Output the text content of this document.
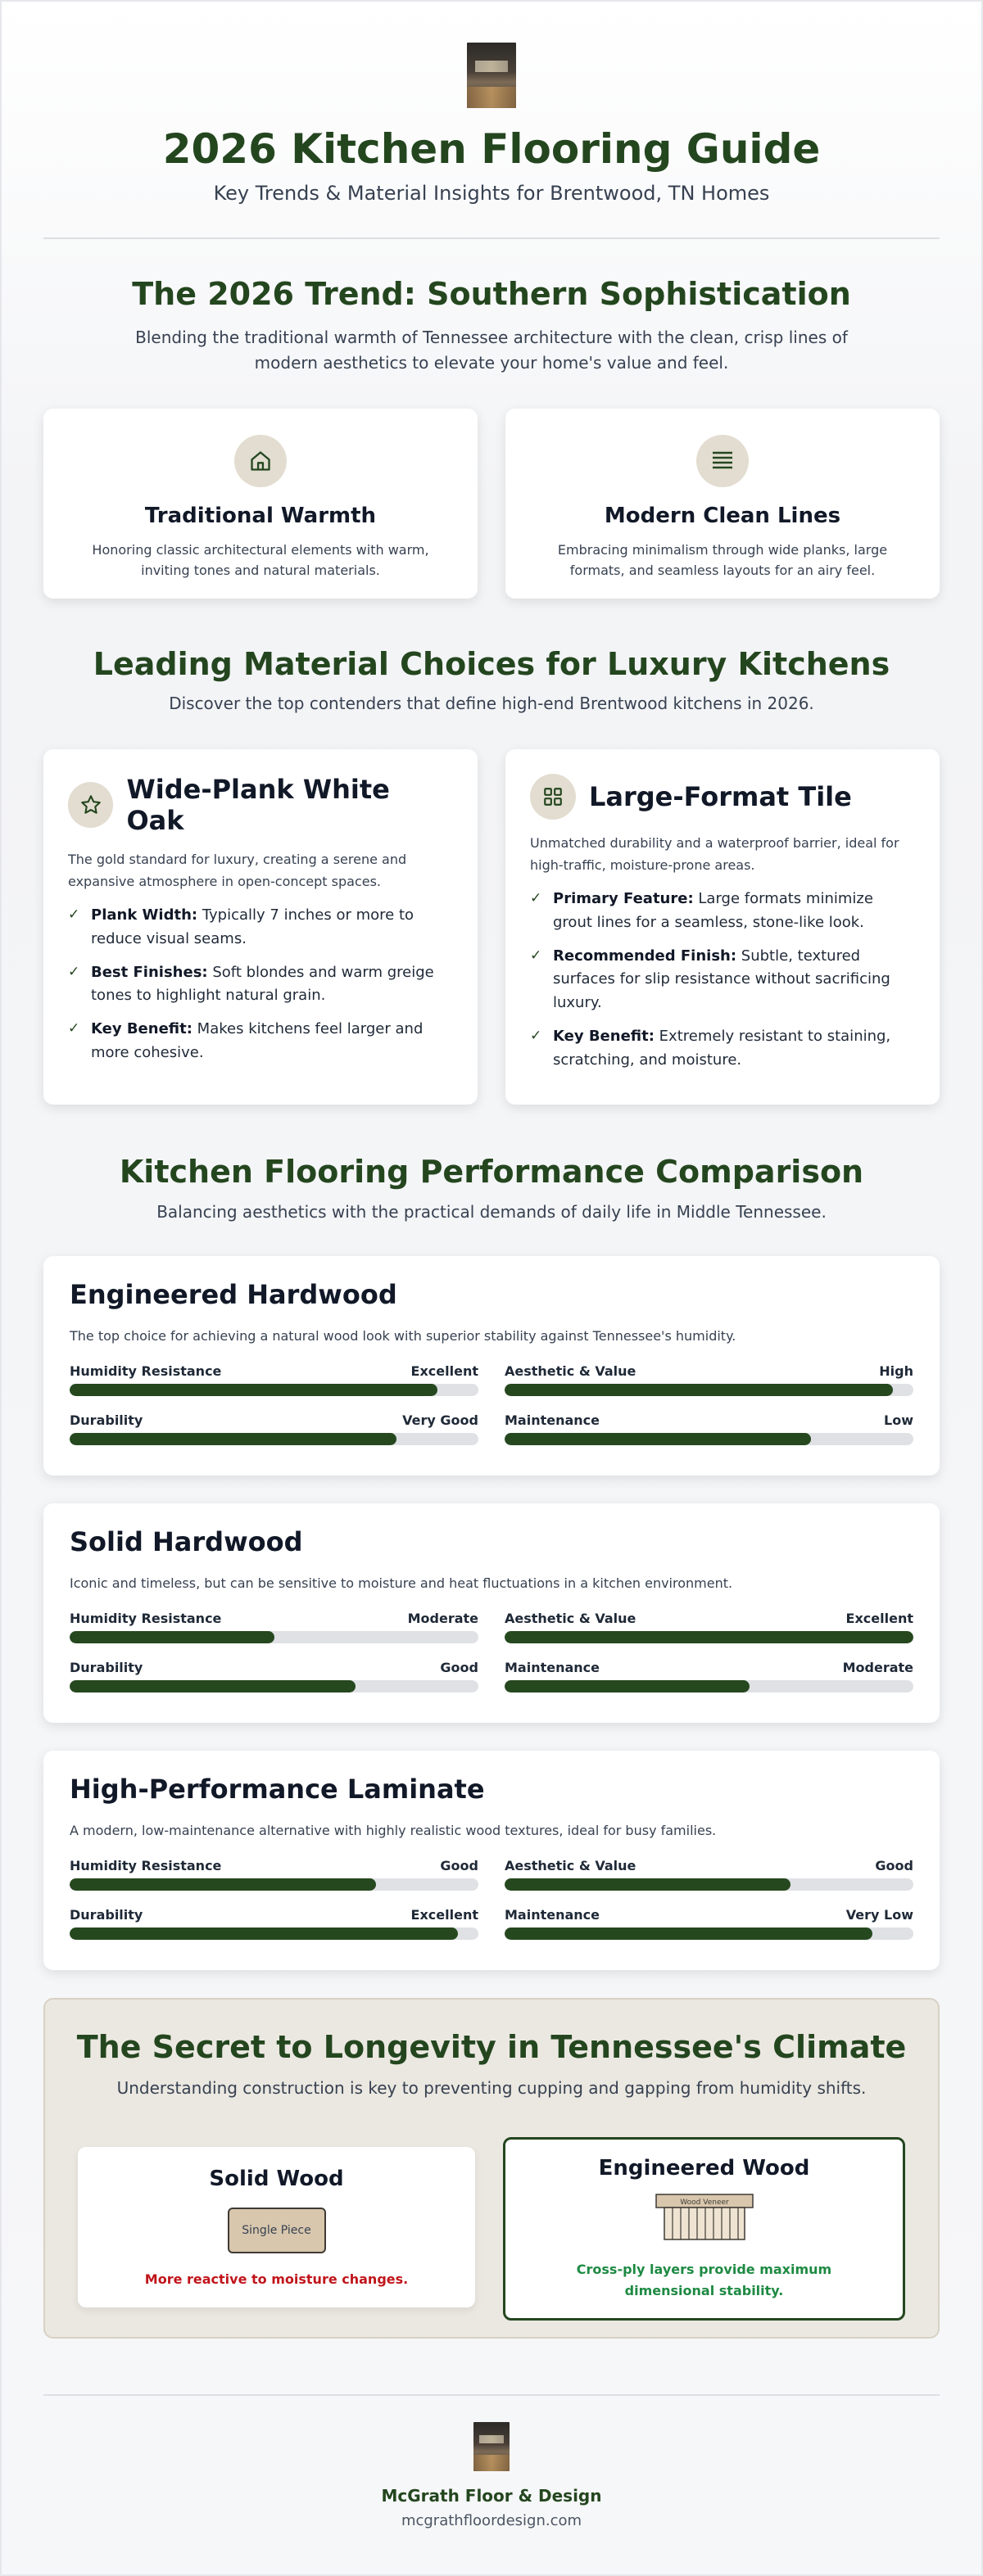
2026 Kitchen Flooring Guide

Key Trends & Material Insights for Brentwood, TN Homes

The 2026 Trend: Southern Sophistication

Blending the traditional warmth of Tennessee architecture with the clean, crisp lines of modern aesthetics to elevate your home's value and feel.

Traditional Warmth

Honoring classic architectural elements with warm, inviting tones and natural materials.

Modern Clean Lines

Embracing minimalism through wide planks, large formats, and seamless layouts for an airy feel.

Leading Material Choices for Luxury Kitchens

Discover the top contenders that define high-end Brentwood kitchens in 2026.

Wide-Plank White Oak

The gold standard for luxury, creating a serene and expansive atmosphere in open-concept spaces.

✓ Plank Width: Typically 7 inches or more to reduce visual seams.
✓ Best Finishes: Soft blondes and warm greige tones to highlight natural grain.
✓ Key Benefit: Makes kitchens feel larger and more cohesive.
Large-Format Tile

Unmatched durability and a waterproof barrier, ideal for high-traffic, moisture-prone areas.

✓ Primary Feature: Large formats minimize grout lines for a seamless, stone-like look.
✓ Recommended Finish: Subtle, textured surfaces for slip resistance without sacrificing luxury.
✓ Key Benefit: Extremely resistant to staining, scratching, and moisture.
Kitchen Flooring Performance Comparison

Balancing aesthetics with the practical demands of daily life in Middle Tennessee.

Engineered Hardwood

The top choice for achieving a natural wood look with superior stability against Tennessee's humidity.

Humidity Resistance	Excellent Aesthetic & Value	High
Durability	Very Good Maintenance	Low
Solid Hardwood

Iconic and timeless, but can be sensitive to moisture and heat fluctuations in a kitchen environment.

Humidity Resistance	Moderate Aesthetic & Value	Excellent
Durability	Good Maintenance	Moderate
High-Performance Laminate

A modern, low-maintenance alternative with highly realistic wood textures, ideal for busy families.

Humidity Resistance	Good Aesthetic & Value	Good
Durability	Excellent Maintenance	Very Low
The Secret to Longevity in Tennessee's Climate

Understanding construction is key to preventing cupping and gapping from humidity shifts.

Solid Wood
Single Piece

More reactive to moisture changes.

Engineered Wood
Wood Veneer

Cross-ply layers provide maximum dimensional stability.

McGrath Floor & Design

mcgrathfloordesign.com
